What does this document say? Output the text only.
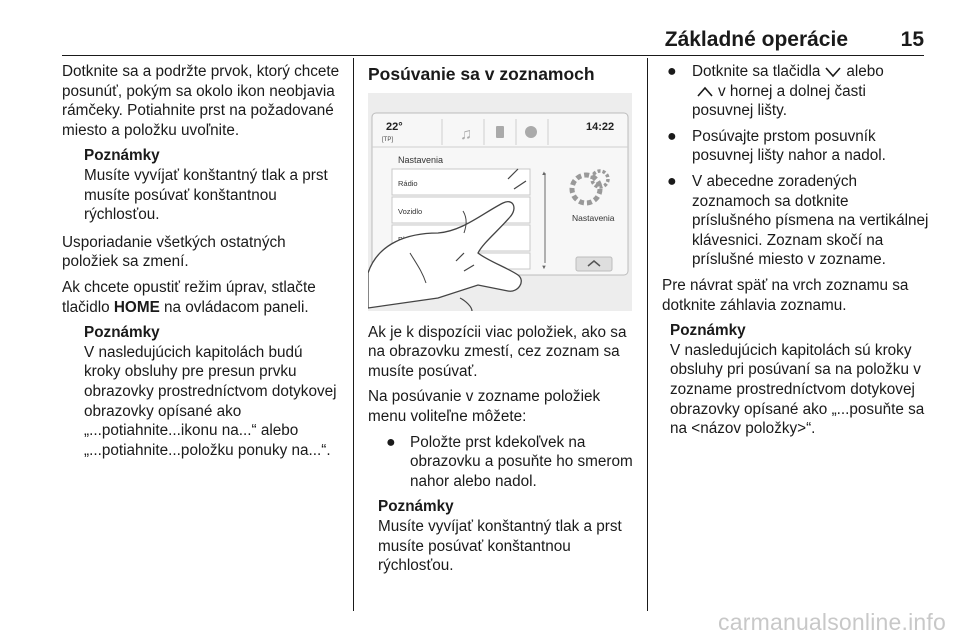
Základné operácie	15

Dotknite sa a podržte prvok, ktorý chcete posunúť, pokým sa okolo ikon neobjavia rámčeky. Potiahnite prst na požadované miesto a položku uvoľnite.

Poznámky
Musíte vyvíjať konštantný tlak a prst musíte posúvať konštantnou rýchlosťou.

Usporiadanie všetkých ostatných položiek sa zmení.

Ak chcete opustiť režim úprav, stlačte tlačidlo HOME na ovládacom paneli.

Poznámky
V nasledujúcich kapitolách budú kroky obsluhy pre presun prvku obrazovky prostredníctvom dotykovej obrazovky opísané ako „...potiahnite...ikonu na...“ alebo „...potiahnite...položku ponuky na...“.
Posúvanie sa v zoznamoch
22°
[TP]	♫	14:22
Nastavenia
Rádio
Vozidlo
▲
▼
Nastavenia

Ak je k dispozícii viac položiek, ako sa na obrazovku zmestí, cez zoznam sa musíte posúvať.

Na posúvanie v zozname položiek menu voliteľne môžete:

● Položte prst kdekoľvek na obrazovku a posuňte ho smerom nahor alebo nadol.
Poznámky
Musíte vyvíjať konštantný tlak a prst musíte posúvať konštantnou rýchlosťou.
● Dotknite sa tlačidla alebo
v hornej a dolnej časti posuvnej lišty.
● Posúvajte prstom posuvník posuvnej lišty nahor a nadol.
● V abecedne zoradených zoznamoch sa dotknite príslušného písmena na vertikálnej klávesnici. Zoznam skočí na príslušné miesto v zozname.

Pre návrat späť na vrch zoznamu sa dotknite záhlavia zoznamu.

Poznámky
V nasledujúcich kapitolách sú kroky obsluhy pri posúvaní sa na položku v zozname prostredníctvom dotykovej obrazovky opísané ako „...posuňte sa na <názov položky>“.
carmanualsonline.info
